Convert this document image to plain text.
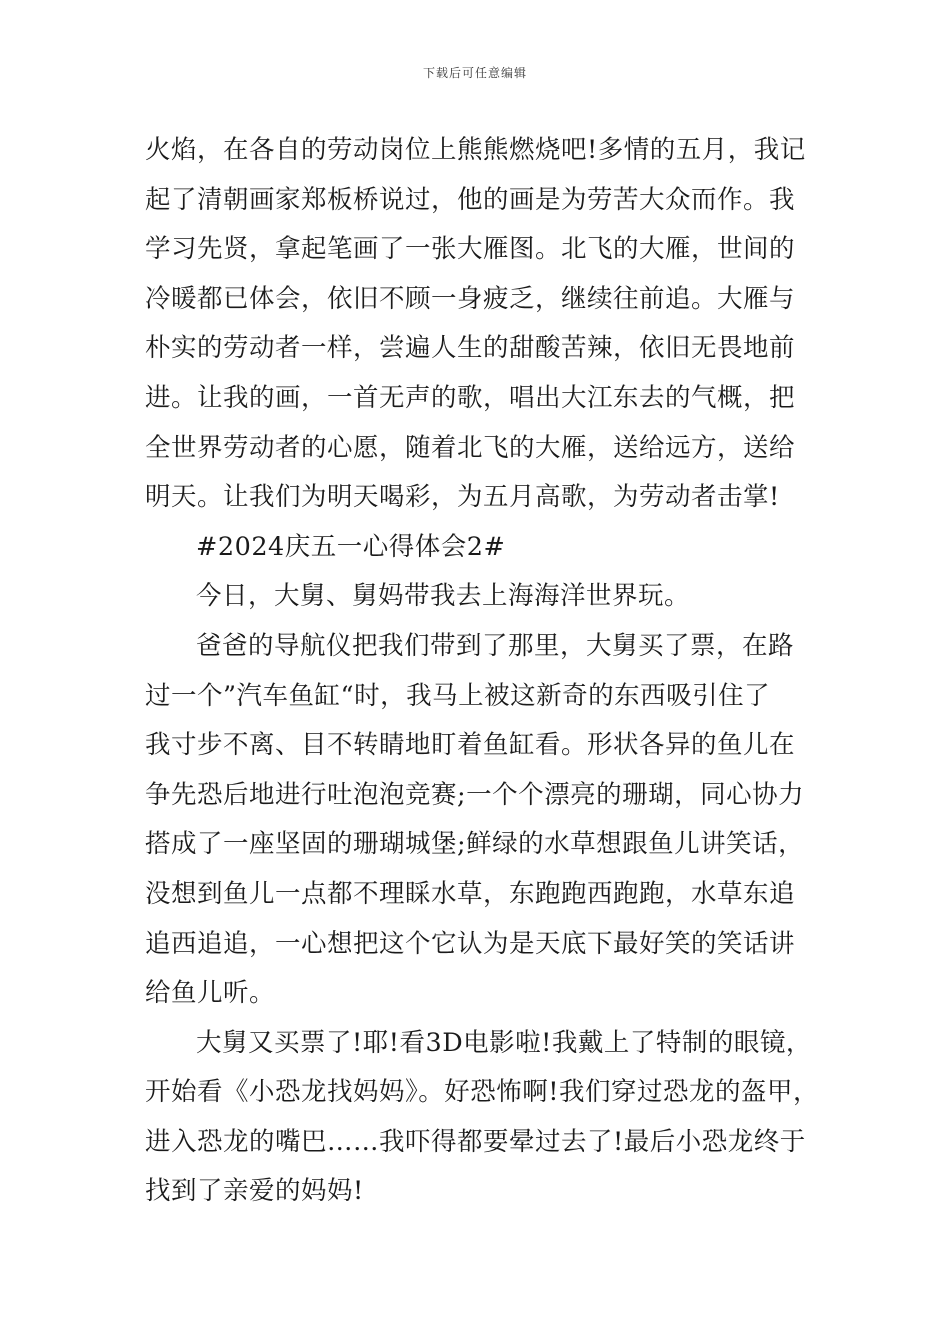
下载后可任意编辑
火焰，在各自的劳动岗位上熊熊燃烧吧!多情的五月，我记
起了清朝画家郑板桥说过，他的画是为劳苦大众而作。我
学习先贤，拿起笔画了一张大雁图。北飞的大雁，世间的
冷暖都已体会，依旧不顾一身疲乏，继续往前追。大雁与
朴实的劳动者一样，尝遍人生的甜酸苦辣，依旧无畏地前
进。让我的画，一首无声的歌，唱出大江东去的气概，把
全世界劳动者的心愿，随着北飞的大雁，送给远方，送给
明天。让我们为明天喝彩，为五月高歌，为劳动者击掌!
#2024庆五一心得体会2#
今日，大舅、舅妈带我去上海海洋世界玩。
爸爸的导航仪把我们带到了那里，大舅买了票，在路
过一个”汽车鱼缸“时，我马上被这新奇的东西吸引住了
我寸步不离、目不转睛地盯着鱼缸看。形状各异的鱼儿在
争先恐后地进行吐泡泡竞赛;一个个漂亮的珊瑚，同心协力
搭成了一座坚固的珊瑚城堡;鲜绿的水草想跟鱼儿讲笑话，
没想到鱼儿一点都不理睬水草，东跑跑西跑跑，水草东追
追西追追，一心想把这个它认为是天底下最好笑的笑话讲
给鱼儿听。
大舅又买票了!耶!看3D电影啦!我戴上了特制的眼镜，
开始看《小恐龙找妈妈》。好恐怖啊!我们穿过恐龙的盔甲，
进入恐龙的嘴巴……我吓得都要晕过去了!最后小恐龙终于
找到了亲爱的妈妈!
